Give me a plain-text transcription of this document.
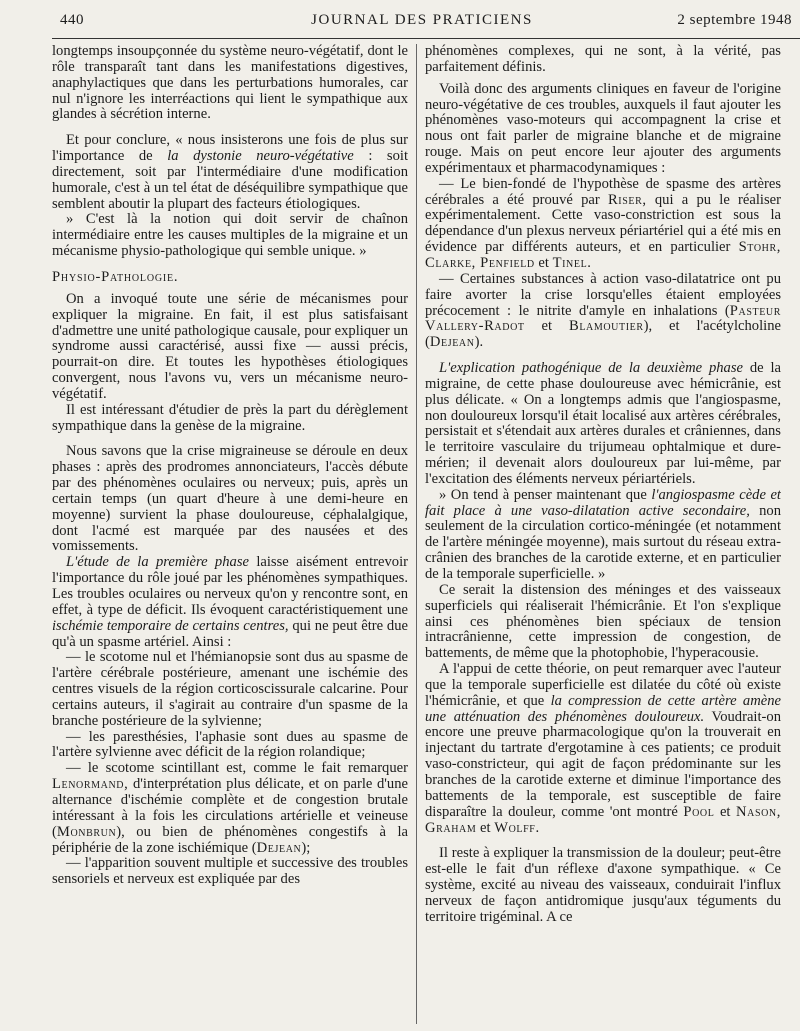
440	JOURNAL DES PRATICIENS	2 septembre 1948

longtemps insoupçonnée du système neuro-végétatif, dont le rôle transparaît tant dans les manifestations digestives, anaphylactiques que dans les perturbations humorales, car nul n'ignore les interréactions qui lient le sympathique aux glandes à sécrétion interne.

Et pour conclure, « nous insisterons une fois de plus sur l'importance de la dystonie neuro-végétative : soit directement, soit par l'intermédiaire d'une modification humorale, c'est à un tel état de déséquilibre sympathique que semblent aboutir la plupart des facteurs étiologiques.

» C'est là la notion qui doit servir de chaînon intermédiaire entre les causes multiples de la migraine et un mécanisme physio-pathologique qui semble unique. »

Physio-Pathologie.

On a invoqué toute une série de mécanismes pour expliquer la migraine. En fait, il est plus satisfaisant d'admettre une unité pathologique causale, pour expliquer un syndrome aussi caractérisé, aussi fixe — aussi précis, pourrait-on dire. Et toutes les hypothèses étiologiques convergent, nous l'avons vu, vers un mécanisme neuro-végétatif.

Il est intéressant d'étudier de près la part du dérèglement sympathique dans la genèse de la migraine.

Nous savons que la crise migraineuse se déroule en deux phases : après des prodromes annonciateurs, l'accès débute par des phénomènes oculaires ou nerveux; puis, après un certain temps (un quart d'heure à une demi-heure en moyenne) survient la phase douloureuse, céphalalgique, dont l'acmé est marquée par des nausées et des vomissements.

L'étude de la première phase laisse aisément entrevoir l'importance du rôle joué par les phénomènes sympathiques. Les troubles oculaires ou nerveux qu'on y rencontre sont, en effet, à type de déficit. Ils évoquent caractéristiquement une ischémie temporaire de certains centres, qui ne peut être due qu'à un spasme artériel. Ainsi :

— le scotome nul et l'hémianopsie sont dus au spasme de l'artère cérébrale postérieure, amenant une ischémie des centres visuels de la région corticoscissurale calcarine. Pour certains auteurs, il s'agirait au contraire d'un spasme de la branche postérieure de la sylvienne;

— les paresthésies, l'aphasie sont dues au spasme de l'artère sylvienne avec déficit de la région rolandique;

— le scotome scintillant est, comme le fait remarquer Lenormand, d'interprétation plus délicate, et on parle d'une alternance d'ischémie complète et de congestion brutale intéressant à la fois les circulations artérielle et veineuse (Monbrun), ou bien de phénomènes congestifs à la périphérie de la zone ischiémique (Dejean);

— l'apparition souvent multiple et successive des troubles sensoriels et nerveux est expliquée par des

phénomènes complexes, qui ne sont, à la vérité, pas parfaitement définis.

Voilà donc des arguments cliniques en faveur de l'origine neuro-végétative de ces troubles, auxquels il faut ajouter les phénomènes vaso-moteurs qui accompagnent la crise et nous ont fait parler de migraine blanche et de migraine rouge. Mais on peut encore leur ajouter des arguments expérimentaux et pharmacodynamiques :

— Le bien-fondé de l'hypothèse de spasme des artères cérébrales a été prouvé par Riser, qui a pu le réaliser expérimentalement. Cette vaso-constriction est sous la dépendance d'un plexus nerveux périartériel qui a été mis en évidence par différents auteurs, et en particulier Stohr, Clarke, Penfield et Tinel.

— Certaines substances à action vaso-dilatatrice ont pu faire avorter la crise lorsqu'elles étaient employées précocement : le nitrite d'amyle en inhalations (Pasteur Vallery-Radot et Blamoutier), et l'acétylcholine (Dejean).

L'explication pathogénique de la deuxième phase de la migraine, de cette phase douloureuse avec hémicrânie, est plus délicate. « On a longtemps admis que l'angiospasme, non douloureux lorsqu'il était localisé aux artères cérébrales, persistait et s'étendait aux artères durales et crâniennes, dans le territoire vasculaire du trijumeau ophtalmique et dure-mérien; il devenait alors douloureux par lui-même, par l'excitation des éléments nerveux périartériels.

» On tend à penser maintenant que l'angiospasme cède et fait place à une vaso-dilatation active secondaire, non seulement de la circulation cortico-méningée (et notamment de l'artère méningée moyenne), mais surtout du réseau extra-crânien des branches de la carotide externe, et en particulier de la temporale superficielle. »

Ce serait la distension des méninges et des vaisseaux superficiels qui réaliserait l'hémicrânie. Et l'on s'explique ainsi ces phénomènes bien spéciaux de tension intracrânienne, cette impression de congestion, de battements, de même que la photophobie, l'hyperacousie.

A l'appui de cette théorie, on peut remarquer avec l'auteur que la temporale superficielle est dilatée du côté où existe l'hémicrânie, et que la compression de cette artère amène une atténuation des phénomènes douloureux. Voudrait-on encore une preuve pharmacologique qu'on la trouverait en injectant du tartrate d'ergotamine à ces patients; ce produit vaso-constricteur, qui agit de façon prédominante sur les branches de la carotide externe et diminue l'importance des battements de la temporale, est susceptible de faire disparaître la douleur, comme 'ont montré Pool et Nason, Graham et Wolff.

Il reste à expliquer la transmission de la douleur; peut-être est-elle le fait d'un réflexe d'axone sympathique. « Ce système, excité au niveau des vaisseaux, conduirait l'influx nerveux de façon antidromique jusqu'aux téguments du territoire trigéminal. A ce
